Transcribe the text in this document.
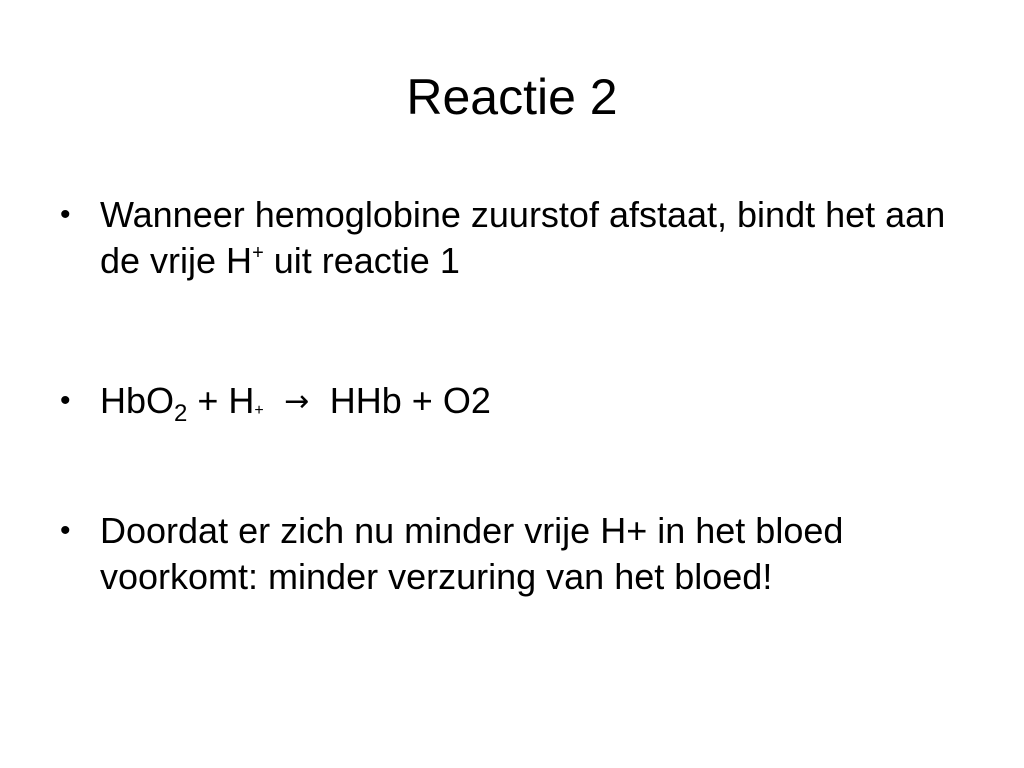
Reactie 2
• Wanneer hemoglobine zuurstof afstaat, bindt het aan de vrije H+ uit reactie 1
• HbO$_2$ + H+ → HHb + O2
• Doordat er zich nu minder vrije H+ in het bloed voorkomt: minder verzuring van het bloed!
